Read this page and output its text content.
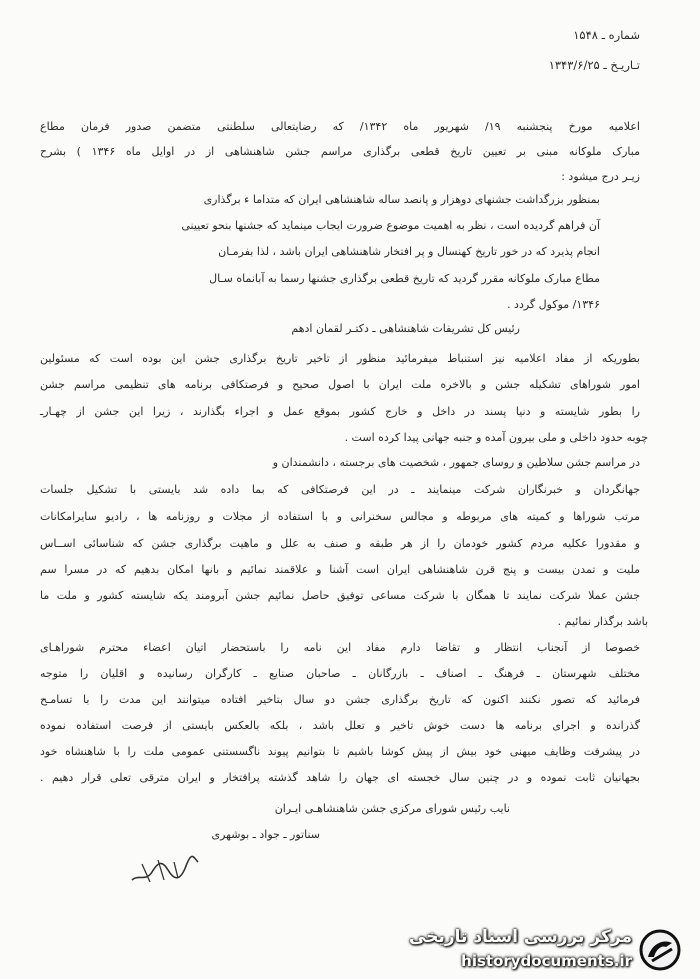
شماره ـ ۱۵۴۸
تـاریـخ ـ ۱۳۴۳/۶/۲۵
اعلامیه مورخ پنجشنبه ۱۹/ شهریور ماه ۱۳۴۲/ که رضایتعالی سلطنتی متضمن صدور فرمان مطاع
مبارک ملوکانه مبنی بر تعیین تاریخ قطعی برگذاری مراسم جشن شاهنشاهی از در اوایل ماه ۱۳۴۶ ) بشرح
زیـر درج میشود :
بمنظور بزرگداشت جشنهای دوهزار و پانصد ساله شاهنشاهی ایران که متداما ء برگذاری
آن فراهم گردیده است ، نظر به اهمیت موضوع ضرورت ایجاب مینماید که جشنها بنحو تعیینی
انجام پذیرد که در خور تاریخ کهنسال و پر افتخار شاهنشاهی ایران باشد ، لذا بفرمـان
مطاع مبارک ملوکانه مقرر گردید که تاریخ قطعی برگذاری جشنها رسما به آبانماه سـال
۱۳۴۶/ موکول گردد .
رئیس کل تشریفات شاهنشاهی ـ دکتـر لقمان ادهم
بطوریکه از مفاد اعلامیه نیز استنباط میفرمائید منظور از تاخیر تاریخ برگذاری جشن این بوده است که مسئولین
امور شوراهای تشکیله جشن و بالاخره ملت ایران با اصول صحیح و فرصتکافی برنامه های تنظیمی مراسم جشن
را بطور شایسته و دنیا پسند در داخل و خارج کشور بموقع عمل و اجراء بگذارند ، زیرا این جشن از چهـارـ
چوبه حدود داخلی و ملی بیرون آمده و جنبه جهانی پیدا کرده است .
در مراسم جشن سلاطین و روسای جمهور ، شخصیت های برجسته ، دانشمندان و
جهانگردان و خبرنگاران شرکت مینمایند ـ در این فرصتکافی که بما داده شد بایستی با تشکیل جلسات
مرتب شوراها و کمیته های مربوطه و مجالس سخنرانی و با استفاده از مجلات و روزنامه ها ، رادیو سایرامکانات
و مقدورا عکلیه مردم کشور خودمان را از هر طبقه و صنف به علل و ماهیت برگذاری جشن که شناسائی اســاس
ملیت و تمدن بیست و پنج قرن شاهنشاهی ایران است آشنا و علاقمند نمائیم و بانها امکان بدهیم که در مسرا سم
جشن عملا شرکت نمایند تا همگان با شرکت مساعی توفیق حاصل نمائیم جشن آبرومند یکه شایسته کشور و ملت ما
باشد برگذار نمائیم .
خصوصا از آنجناب انتظار و تقاضا دارم مفاد این نامه را باستحضار اتیان اعضاء محترم شوراهـای
مختلف شهرستان ـ فرهنگ ـ اصناف ـ بازرگانان ـ صاحبان صنایع ـ کارگران رسانیده و اقلیان را متوجه
فرمائید که تصور نکنند اکنون که تاریخ برگذاری جشن دو سال بتاخیر افتاده میتوانند این مدت را با تسامـح
گذرانده و اجرای برنامه ها دست خوش تاخیر و تعلل باشد ، بلکه بالعکس بایستی از فرصت استفاده نموده
در پیشرفت وظایف میهنی خود بیش از پیش کوشا باشیم تا بتوانیم پیوند ناگسستنی عمومی ملت را با شاهنشاه خود
بجهانیان ثابت نموده و در چنین سال خجسته ای جهان را شاهد گذشته پرافتخار و ایران مترقی تعلی قرار دهیم .
نایب رئیس شورای مرکزی جشن شاهنشاهـی ایـران
سناتور ـ جواد ـ بوشهری
مرکز بررسی اسناد تاریخی
historydocuments.ir
